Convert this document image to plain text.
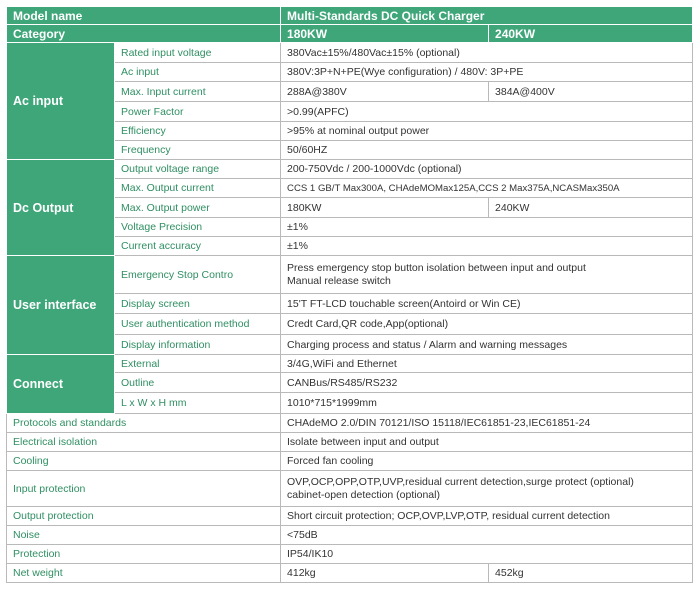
Model name		Multi-Standards DC Quick Charger	
Category		180KW	240KW
Ac input	Rated input voltage	380Vac±15%/480Vac±15% (optional)	
	Ac input	380V:3P+N+PE(Wye configuration) / 480V: 3P+PE	
	Max. Input current	288A@380V	384A@400V
	Power Factor	>0.99(APFC)	
	Efficiency	>95% at nominal output power	
	Frequency	50/60HZ	
Dc Output	Output voltage range	200-750Vdc / 200-1000Vdc (optional)	
	Max. Output current	CCS 1 GB/T Max300A, CHAdeMOMax125A,CCS 2 Max375A,NCASMax350A	
	Max. Output power	180KW	240KW
	Voltage Precision	±1%	
	Current accuracy	±1%	
User interface	Emergency Stop Contro	Press emergency stop button isolation between input and output
Manual release switch	

	Display screen	15'T FT-LCD touchable screen(Antoird or Win CE)	
	User authentication method	Credt Card,QR code,App(optional)	
	Display information	Charging process and status / Alarm and warning messages	
Connect	External	3/4G,WiFi and Ethernet	
	Outline	CANBus/RS485/RS232	
	L x W x H mm	1010*715*1999mm	
Protocols and standards		CHAdeMO 2.0/DIN 70121/ISO 15118/IEC61851-23,IEC61851-24	
Electrical isolation		Isolate between input and output	
Cooling		Forced fan cooling	
Input protection		OVP,OCP,OPP,OTP,UVP,residual current detection,surge protect (optional)
cabinet-open detection (optional)	

Output protection		Short circuit protection; OCP,OVP,LVP,OTP, residual current detection	
Noise		<75dB	
Protection		IP54/IK10	
Net weight		412kg	452kg
